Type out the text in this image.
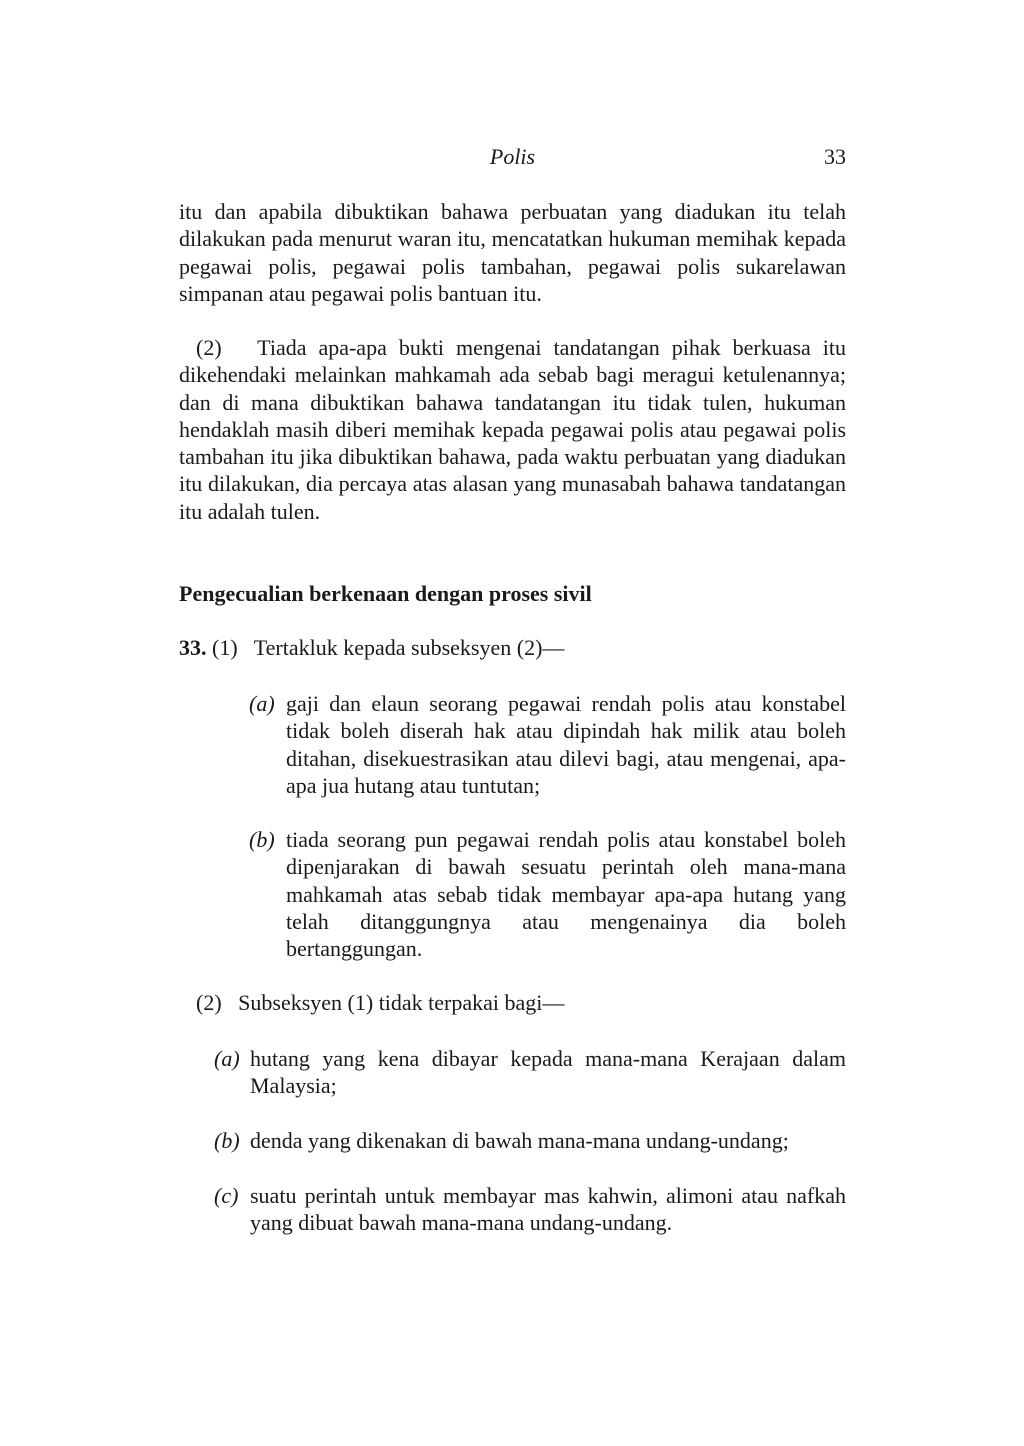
Polis	33

itu dan apabila dibuktikan bahawa perbuatan yang diadukan itu telah dilakukan pada menurut waran itu, mencatatkan hukuman memihak kepada pegawai polis, pegawai polis tambahan, pegawai polis sukarelawan simpanan atau pegawai polis bantuan itu.

(2)   Tiada apa-apa bukti mengenai tandatangan pihak berkuasa itu dikehendaki melainkan mahkamah ada sebab bagi meragui ketulenannya; dan di mana dibuktikan bahawa tandatangan itu tidak tulen, hukuman hendaklah masih diberi memihak kepada pegawai polis atau pegawai polis tambahan itu jika dibuktikan bahawa, pada waktu perbuatan yang diadukan itu dilakukan, dia percaya atas alasan yang munasabah bahawa tandatangan itu adalah tulen.

Pengecualian berkenaan dengan proses sivil
33. (1)   Tertakluk kepada subseksyen (2)—
(a) gaji dan elaun seorang pegawai rendah polis atau konstabel tidak boleh diserah hak atau dipindah hak milik atau boleh ditahan, disekuestrasikan atau dilevi bagi, atau mengenai, apa-apa jua hutang atau tuntutan;
(b) tiada seorang pun pegawai rendah polis atau konstabel boleh dipenjarakan di bawah sesuatu perintah oleh mana-mana mahkamah atas sebab tidak membayar apa-apa hutang yang telah ditanggungnya atau mengenainya dia boleh bertanggungan.
(2)   Subseksyen (1) tidak terpakai bagi—
(a) hutang yang kena dibayar kepada mana-mana Kerajaan dalam Malaysia;
(b) denda yang dikenakan di bawah mana-mana undang-undang;
(c) suatu perintah untuk membayar mas kahwin, alimoni atau nafkah yang dibuat bawah mana-mana undang-undang.
